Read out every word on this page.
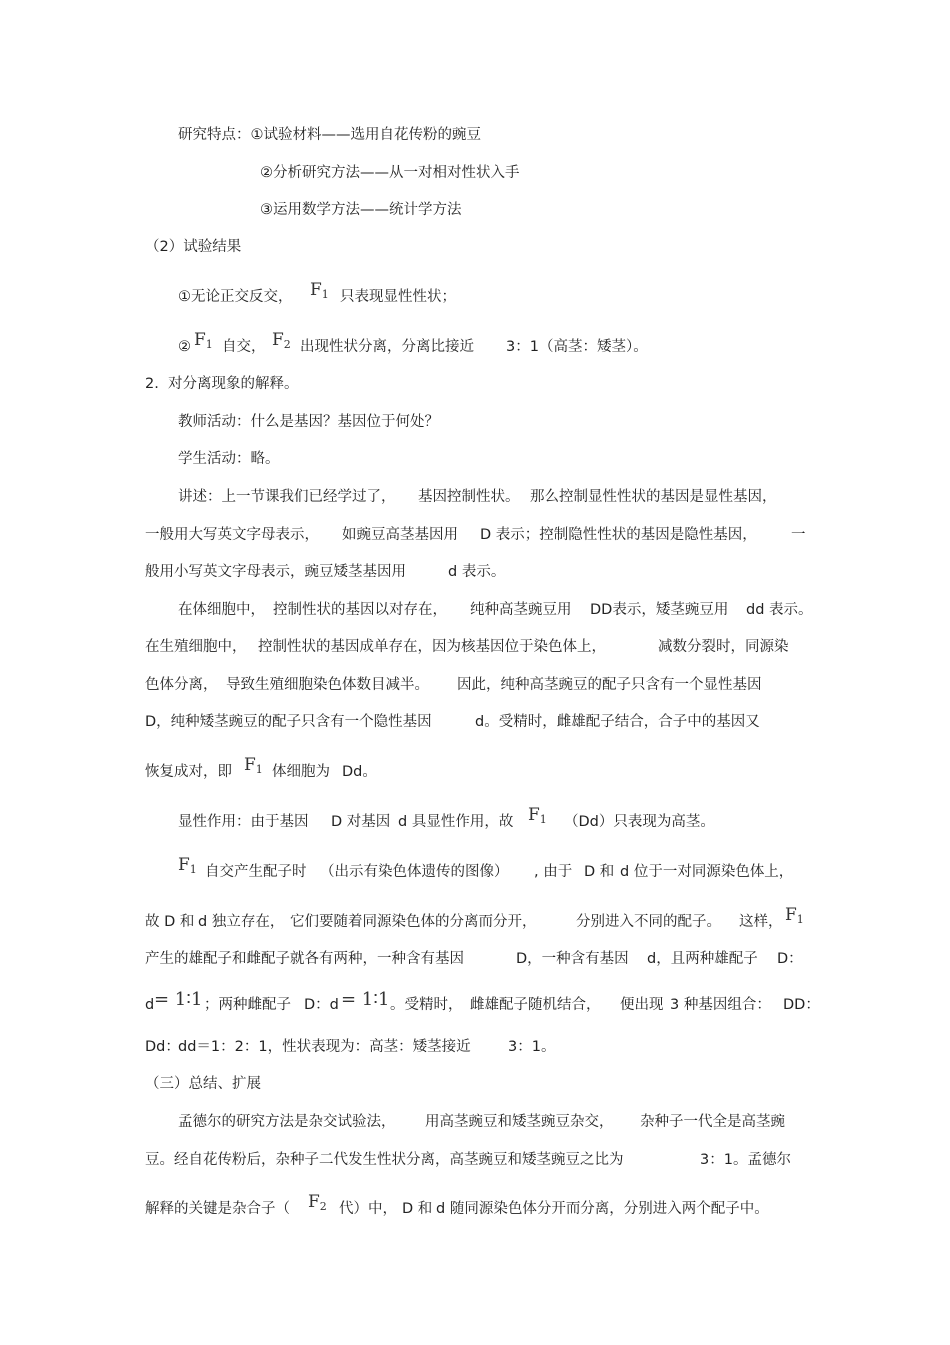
研究特点：①试验材料——选用自花传粉的豌豆
②分析研究方法——从一对相对性状入手
③运用数学方法——统计学方法
（2）试验结果
①无论正交反交， $F_1$ 只表现显性性状；
② $F_1$ 自交， $F_2$ 出现性状分离，分离比接近 3：1（高茎：矮茎）。
2.  对分离现象的解释。
教师活动：什么是基因？基因位于何处？
学生活动：略。
讲述：上一节课我们已经学过了， 基因控制性状。 那么控制显性性状的基因是显性基因，
一般用大写英文字母表示， 如豌豆高茎基因用 D 表示；控制隐性性状的基因是隐性基因， 一
般用小写英文字母表示，豌豆矮茎基因用	d 表示。
在体细胞中， 控制性状的基因以对存在， 纯种高茎豌豆用 DD表示，矮茎豌豆用 dd 表示。
在生殖细胞中， 控制性状的基因成单存在，因为核基因位于染色体上，	减数分裂时，同源染
色体分离， 导致生殖细胞染色体数目减半。 因此，纯种高茎豌豆的配子只含有一个显性基因
D，纯种矮茎豌豆的配子只含有一个隐性基因	d。受精时，雌雄配子结合，合子中的基因又
恢复成对，即 $F_1$ 体细胞为 Dd。
显性作用：由于基因 D 对基因 d 具显性作用，故 $F_1$ （Dd）只表现为高茎。
$F_1$ 自交产生配子时 （出示有染色体遗传的图像） , 由于 D 和 d 位于一对同源染色体上，
故 D 和 d 独立存在， 它们要随着同源染色体的分离而分开，	分别进入不同的配子。 这样， $F_1$
产生的雄配子和雌配子就各有两种，一种含有基因	D，一种含有基因 d，且两种雄配子 D：
d = 1∶1 ；两种雌配子 D：d = 1∶1 。受精时， 雌雄配子随机结合， 便出现 3 种基因组合： DD：
Dd：
dd＝1：2：1，性状表现为：高茎：矮茎接近	3：1。
（三）总结、扩展
孟德尔的研究方法是杂交试验法， 用高茎豌豆和矮茎豌豆杂交， 杂种子一代全是高茎豌
豆。经自花传粉后，杂种子二代发生性状分离，高茎豌豆和矮茎豌豆之比为	3：1。孟德尔
解释的关键是杂合子（ $F_2$ 代）中， D 和 d 随同源染色体分开而分离，分别进入两个配子中。
